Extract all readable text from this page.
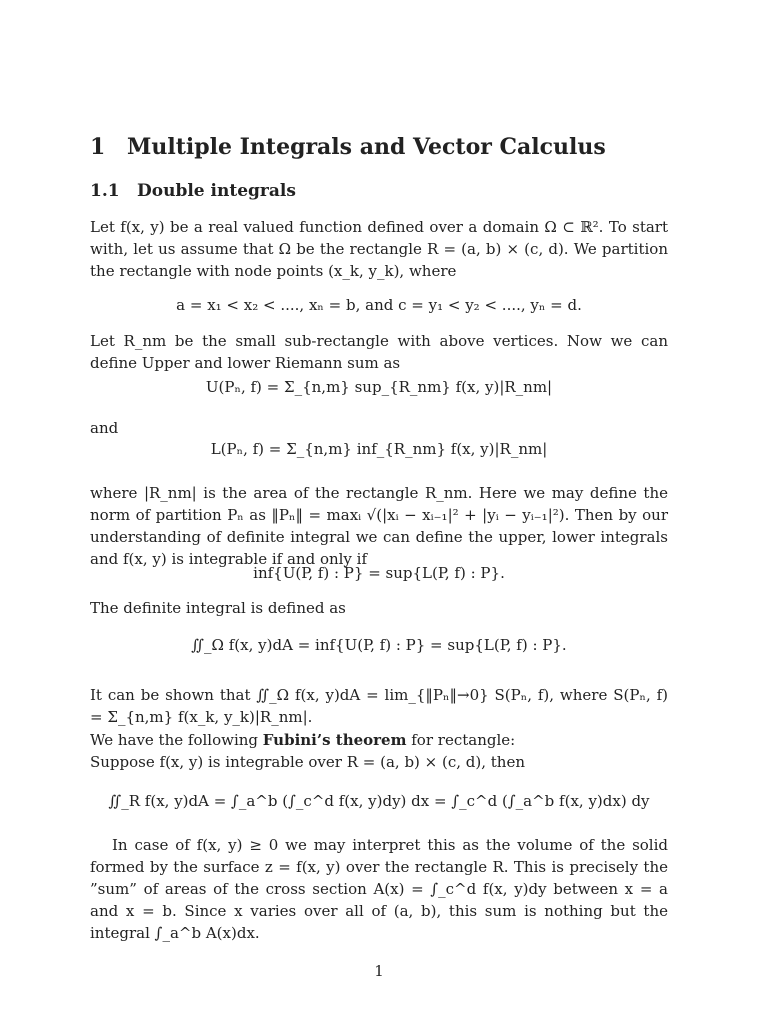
1 Multiple Integrals and Vector Calculus
1.1 Double integrals
Let f(x, y) be a real valued function defined over a domain Ω ⊂ ℝ². To start with, let us assume that Ω be the rectangle R = (a, b) × (c, d). We partition the rectangle with node points (x_k, y_k), where
a = x₁ < x₂ < ...., xₙ = b, and c = y₁ < y₂ < ...., yₙ = d.
Let R_nm be the small sub-rectangle with above vertices. Now we can define Upper and lower Riemann sum as
U(Pₙ, f) = Σ_{n,m} sup_{R_nm} f(x, y)|R_nm|
and
L(Pₙ, f) = Σ_{n,m} inf_{R_nm} f(x, y)|R_nm|
where |R_nm| is the area of the rectangle R_nm. Here we may define the norm of partition Pₙ as ‖Pₙ‖ = maxᵢ √(|xᵢ − xᵢ₋₁|² + |yᵢ − yᵢ₋₁|²). Then by our understanding of definite integral we can define the upper, lower integrals and f(x, y) is integrable if and only if
inf{U(P, f) : P} = sup{L(P, f) : P}.
The definite integral is defined as
∬_Ω f(x, y)dA = inf{U(P, f) : P} = sup{L(P, f) : P}.
It can be shown that ∬_Ω f(x, y)dA = lim_{‖Pₙ‖→0} S(Pₙ, f), where S(Pₙ, f) = Σ_{n,m} f(x_k, y_k)|R_nm|.
We have the following Fubini’s theorem for rectangle:
Suppose f(x, y) is integrable over R = (a, b) × (c, d), then
∬_R f(x, y)dA = ∫_a^b (∫_c^d f(x, y)dy) dx = ∫_c^d (∫_a^b f(x, y)dx) dy
In case of f(x, y) ≥ 0 we may interpret this as the volume of the solid formed by the surface z = f(x, y) over the rectangle R. This is precisely the ”sum” of areas of the cross section A(x) = ∫_c^d f(x, y)dy between x = a and x = b. Since x varies over all of (a, b), this sum is nothing but the integral ∫_a^b A(x)dx.
1
